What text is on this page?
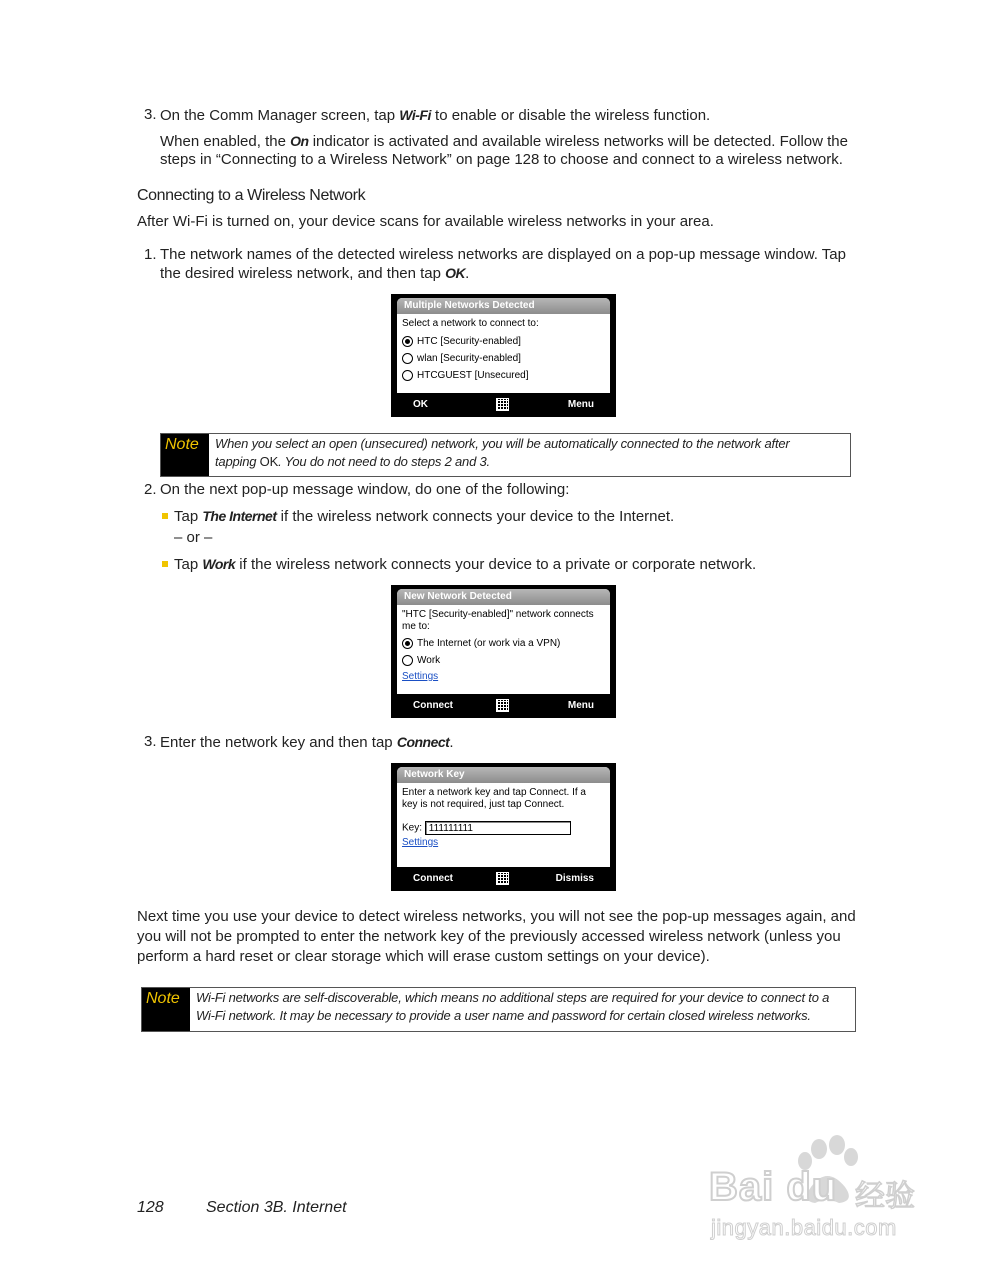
3. On the Comm Manager screen, tap Wi-Fi to enable or disable the wireless function.
When enabled, the On indicator is activated and available wireless networks will be detected. Follow the
steps in “Connecting to a Wireless Network” on page 128 to choose and connect to a wireless network.
Connecting to a Wireless Network
After Wi-Fi is turned on, your device scans for available wireless networks in your area.
1. The network names of the detected wireless networks are displayed on a pop-up message window. Tap
the desired wireless network, and then tap OK.
Multiple Networks Detected
Select a network to connect to:
HTC [Security-enabled]
wlan [Security-enabled]
HTCGUEST [Unsecured]
OK	Menu
Note	When you select an open (unsecured) network, you will be automatically connected to the network after
tapping OK. You do not need to do steps 2 and 3.
2. On the next pop-up message window, do one of the following:
Tap The Internet if the wireless network connects your device to the Internet.
– or –
Tap Work if the wireless network connects your device to a private or corporate network.
New Network Detected
"HTC [Security-enabled]" network connects
me to:
The Internet (or work via a VPN)
Work
Settings
Connect	Menu
3. Enter the network key and then tap Connect.
Network Key
Enter a network key and tap Connect. If a
key is not required, just tap Connect.
Key: 111111111
Settings
Connect	Dismiss
Next time you use your device to detect wireless networks, you will not see the pop-up messages again, and
you will not be prompted to enter the network key of the previously accessed wireless network (unless you
perform a hard reset or clear storage which will erase custom settings on your device).
Note	Wi-Fi networks are self-discoverable, which means no additional steps are required for your device to connect to a
Wi-Fi network. It may be necessary to provide a user name and password for certain closed wireless networks.
128	Section 3B. Internet	Bai du 经验
jingyan.baidu.com
